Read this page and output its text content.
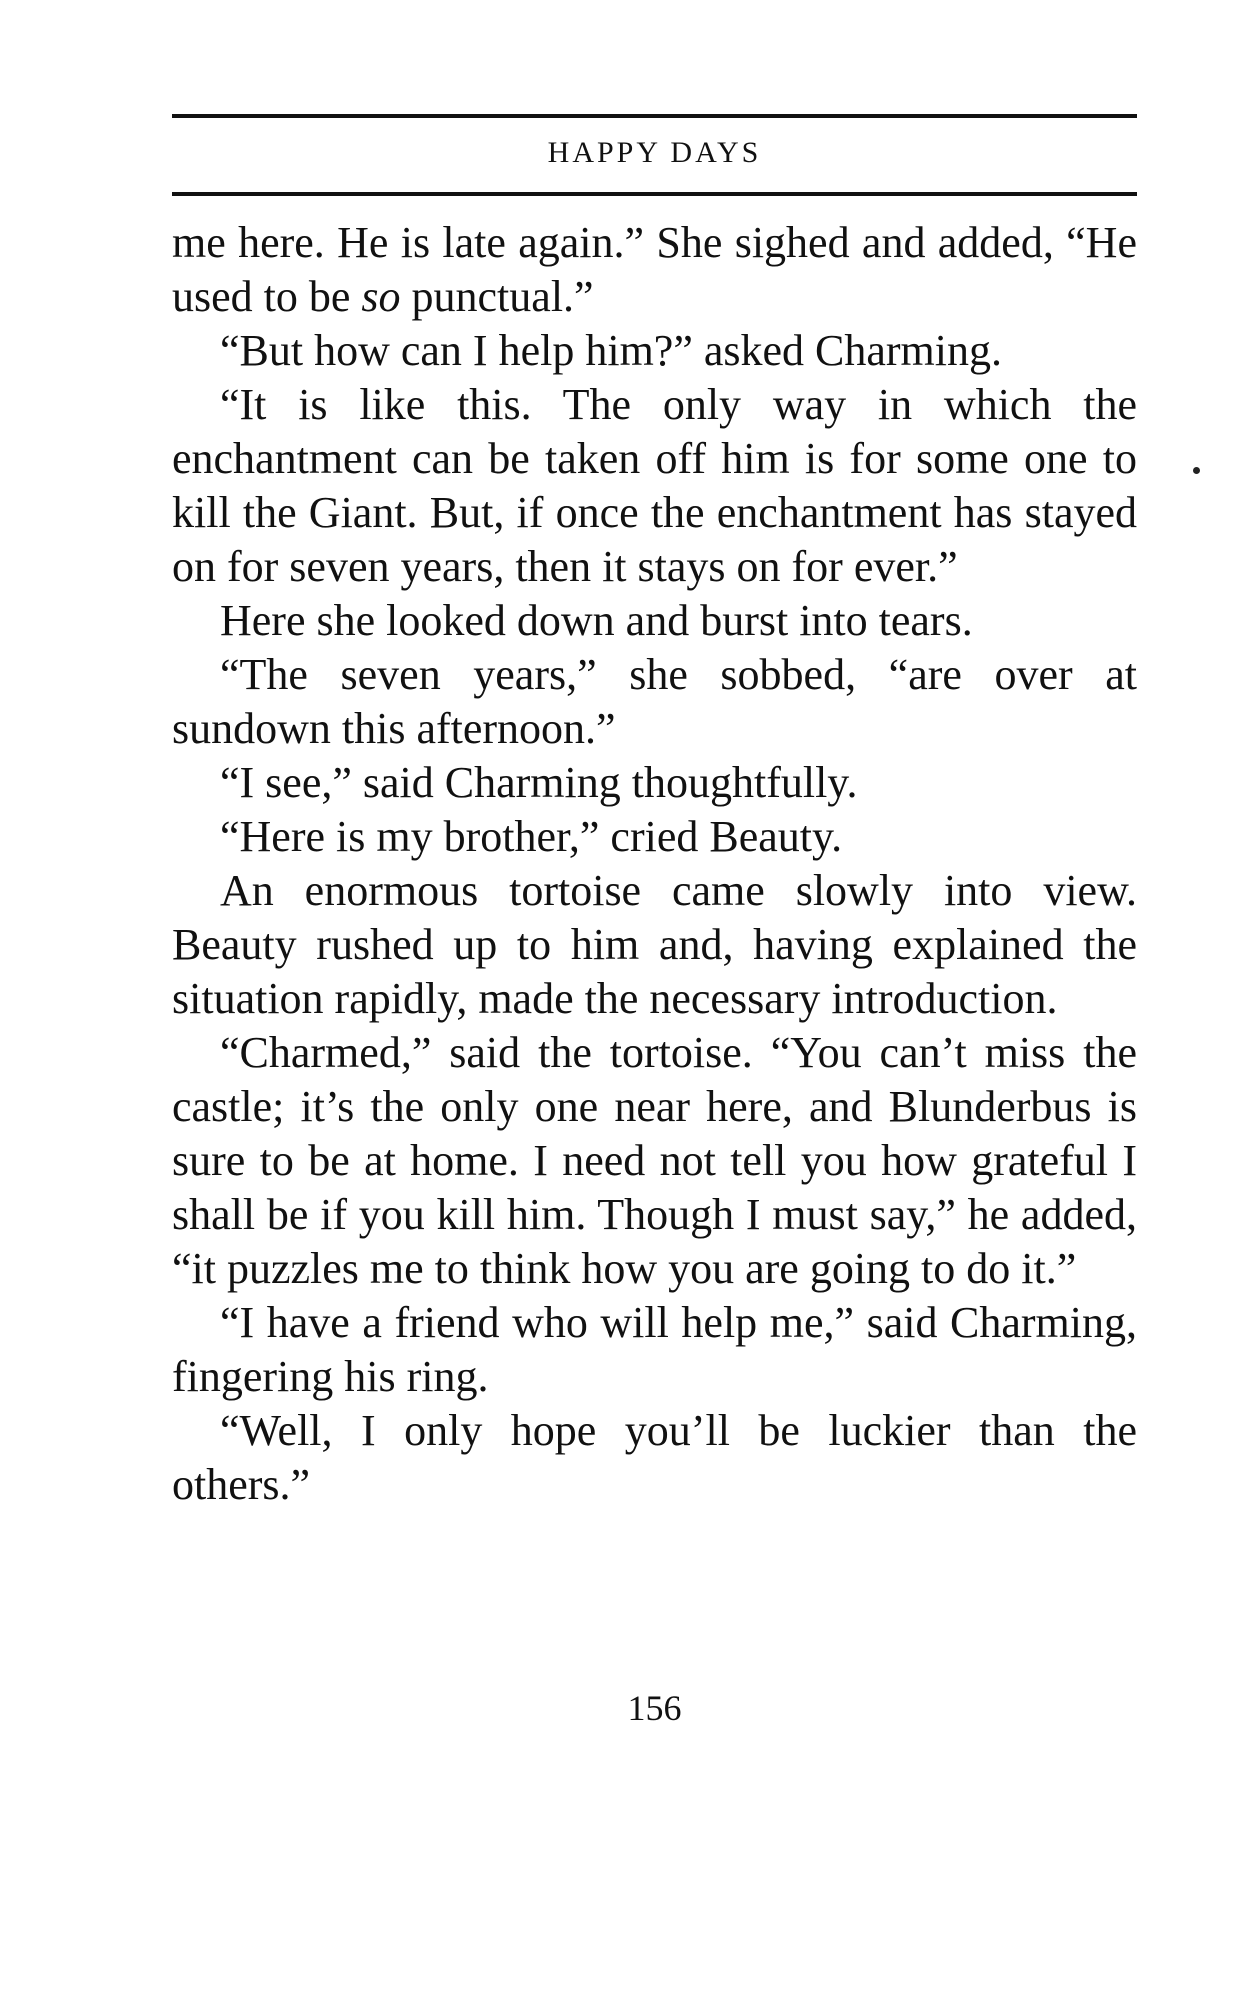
HAPPY DAYS

me here. He is late again.” She sighed and added, “He used to be so punctual.”

“But how can I help him?” asked Charming.

“It is like this. The only way in which the enchantment can be taken off him is for some one to kill the Giant. But, if once the enchantment has stayed on for seven years, then it stays on for ever.”

Here she looked down and burst into tears.

“The seven years,” she sobbed, “are over at sundown this afternoon.”

“I see,” said Charming thoughtfully.

“Here is my brother,” cried Beauty.

An enormous tortoise came slowly into view. Beauty rushed up to him and, having explained the situation rapidly, made the necessary introduction.

“Charmed,” said the tortoise. “You can’t miss the castle; it’s the only one near here, and Blunderbus is sure to be at home. I need not tell you how grateful I shall be if you kill him. Though I must say,” he added, “it puzzles me to think how you are going to do it.”

“I have a friend who will help me,” said Charming, fingering his ring.

“Well, I only hope you’ll be luckier than the others.”

156
